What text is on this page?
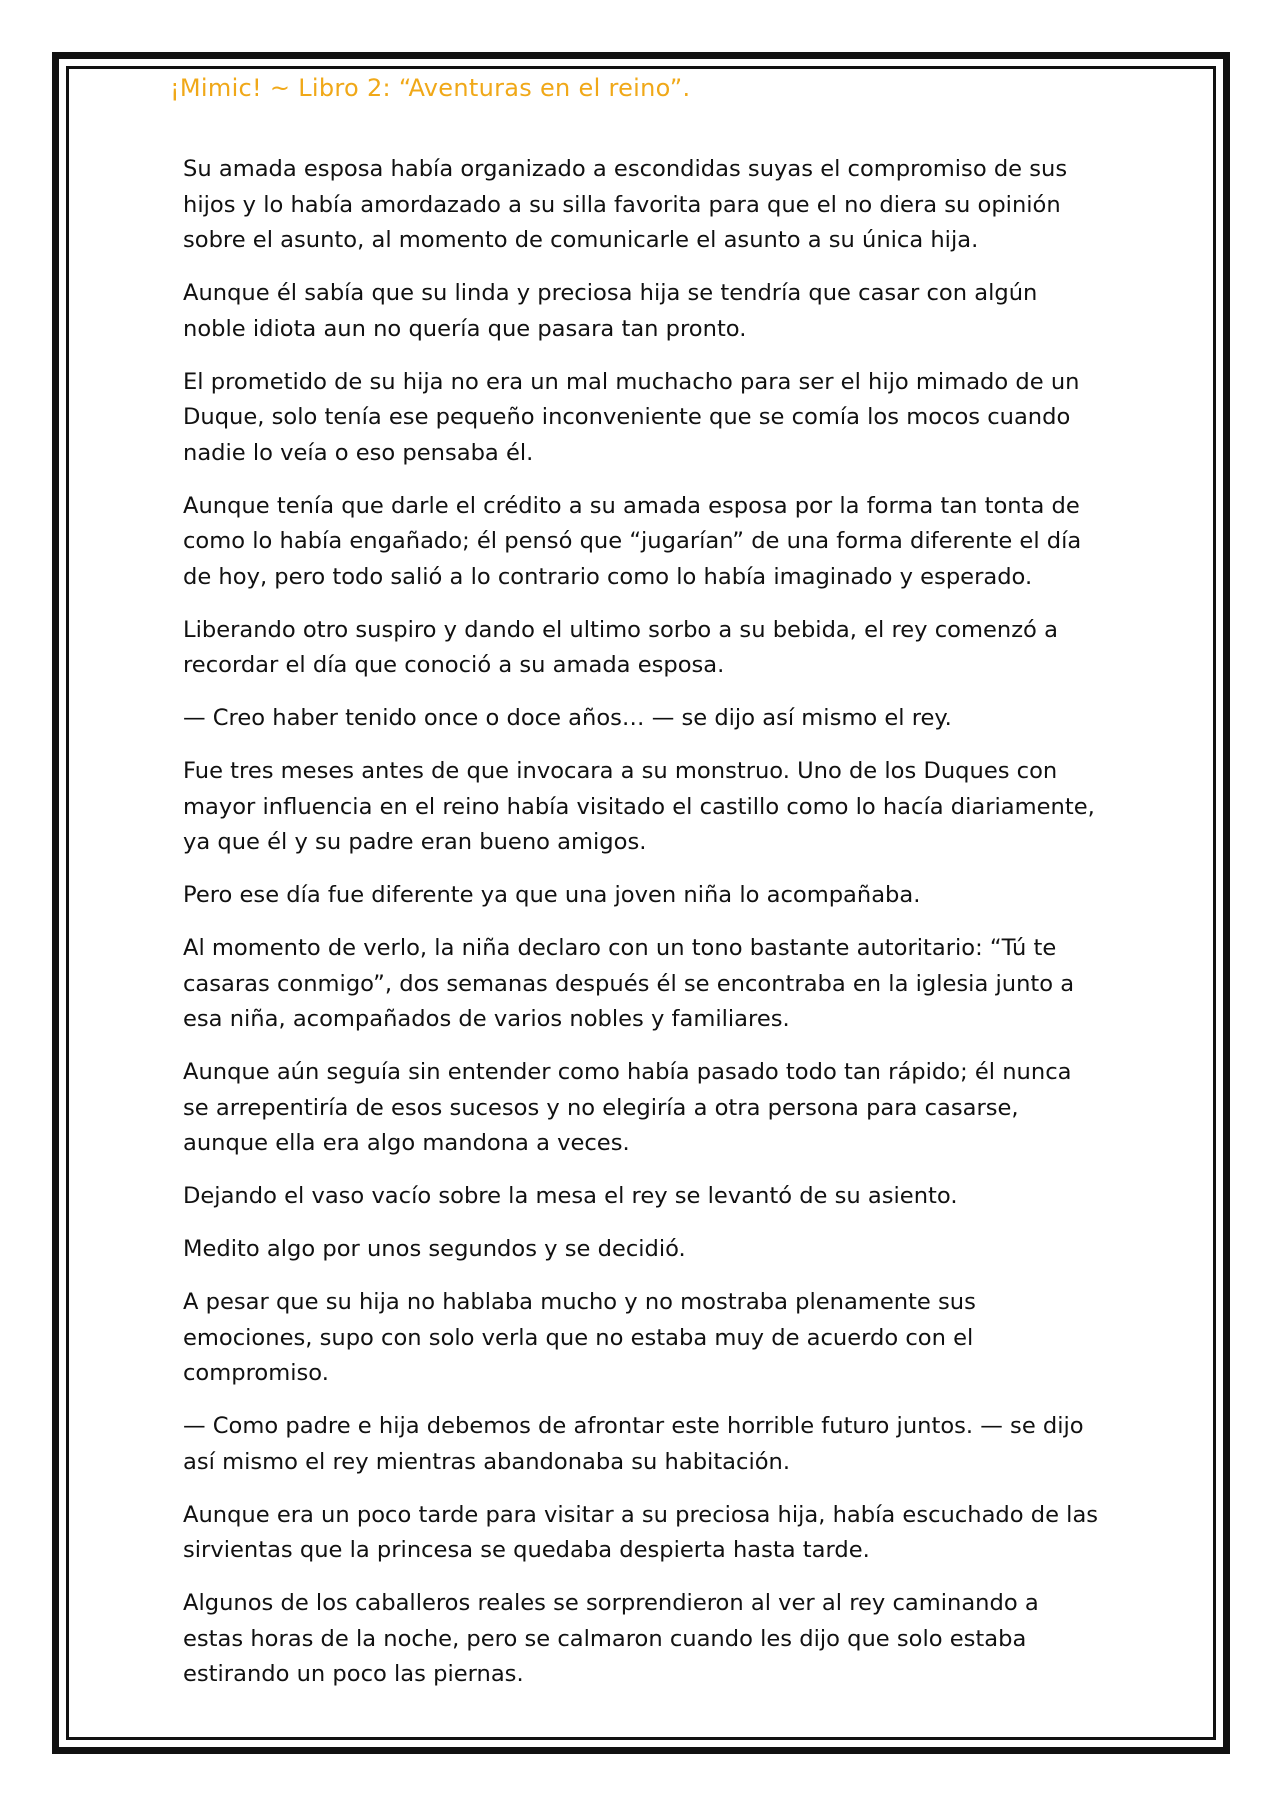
¡Mimic! ~ Libro 2: “Aventuras en el reino”.

Su amada esposa había organizado a escondidas suyas el compromiso de sus hijos y lo había amordazado a su silla favorita para que el no diera su opinión sobre el asunto, al momento de comunicarle el asunto a su única hija.

Aunque él sabía que su linda y preciosa hija se tendría que casar con algún noble idiota aun no quería que pasara tan pronto.

El prometido de su hija no era un mal muchacho para ser el hijo mimado de un Duque, solo tenía ese pequeño inconveniente que se comía los mocos cuando nadie lo veía o eso pensaba él.

Aunque tenía que darle el crédito a su amada esposa por la forma tan tonta de como lo había engañado; él pensó que “jugarían” de una forma diferente el día de hoy, pero todo salió a lo contrario como lo había imaginado y esperado.

Liberando otro suspiro y dando el ultimo sorbo a su bebida, el rey comenzó a recordar el día que conoció a su amada esposa.

— Creo haber tenido once o doce años… — se dijo así mismo el rey.

Fue tres meses antes de que invocara a su monstruo. Uno de los Duques con mayor influencia en el reino había visitado el castillo como lo hacía diariamente, ya que él y su padre eran bueno amigos.

Pero ese día fue diferente ya que una joven niña lo acompañaba.

Al momento de verlo, la niña declaro con un tono bastante autoritario: “Tú te casaras conmigo”, dos semanas después él se encontraba en la iglesia junto a esa niña, acompañados de varios nobles y familiares.

Aunque aún seguía sin entender como había pasado todo tan rápido; él nunca se arrepentiría de esos sucesos y no elegiría a otra persona para casarse, aunque ella era algo mandona a veces.

Dejando el vaso vacío sobre la mesa el rey se levantó de su asiento.

Medito algo por unos segundos y se decidió.

A pesar que su hija no hablaba mucho y no mostraba plenamente sus emociones, supo con solo verla que no estaba muy de acuerdo con el compromiso.

— Como padre e hija debemos de afrontar este horrible futuro juntos. — se dijo así mismo el rey mientras abandonaba su habitación.

Aunque era un poco tarde para visitar a su preciosa hija, había escuchado de las sirvientas que la princesa se quedaba despierta hasta tarde.

Algunos de los caballeros reales se sorprendieron al ver al rey caminando a estas horas de la noche, pero se calmaron cuando les dijo que solo estaba estirando un poco las piernas.
